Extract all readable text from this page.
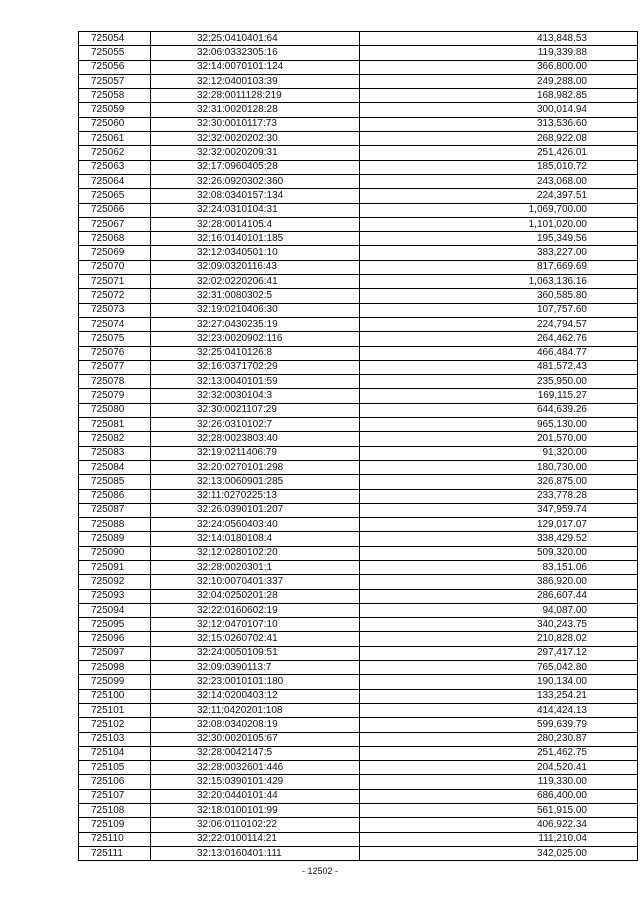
725054	32:25:0410401:64	413,848.53
725055	32:06:0332305:16	119,339.88
725056	32:14:0070101:124	366,800.00
725057	32:12:0400103:39	249,288.00
725058	32:28:0011128:219	168,982.85
725059	32:31:0020128:28	300,014.94
725060	32:30:0010117:73	313,536.60
725061	32:32:0020202:30	268,922.08
725062	32:32:0020209:31	251,426.01
725063	32:17:0960405:28	185,010.72
725064	32:26:0920302:360	243,068.00
725065	32:08:0340157:134	224,397.51
725066	32:24:0310104:31	1,069,700.00
725067	32:28:0014105:4	1,101,020.00
725068	32:16:0140101:185	195,349.56
725069	32:12:0340501:10	383,227.00
725070	32:09:0320116:43	817,669.69
725071	32:02:0220206:41	1,063,136.16
725072	32:31:0080302:5	360,585.80
725073	32:19:0210406:30	107,757.60
725074	32:27:0430235:19	224,794.57
725075	32:23:0020902:116	264,462.76
725076	32:25:0410126:8	466,484.77
725077	32:16:0371702:29	481,572.43
725078	32:13:0040101:59	235,950.00
725079	32:32:0030104:3	169,115.27
725080	32:30:0021107:29	644,639.26
725081	32:26:0310102:7	965,130.00
725082	32:28:0023803:40	201,570.00
725083	32:19:0211406:79	91,320.00
725084	32:20:0270101:298	180,730.00
725085	32:13:0060901:285	326,875.00
725086	32:11:0270225:13	233,778.28
725087	32:26:0390101:207	347,959.74
725088	32:24:0560403:40	129,017.07
725089	32:14:0180108:4	338,429.52
725090	32:12:0280102:20	509,320.00
725091	32:28:0020301:1	83,151.06
725092	32:10:0070401:337	386,920.00
725093	32:04:0250201:28	286,607.44
725094	32:22:0160602:19	94,087.00
725095	32:12:0470107:10	340,243.75
725096	32:15:0260702:41	210,828.02
725097	32:24:0050109:51	297,417.12
725098	32:09:0390113:7	765,042.80
725099	32:23:0010101:180	190,134.00
725100	32:14:0200403:12	133,254.21
725101	32:11:0420201:108	414,424.13
725102	32:08:0340208:19	599,639.79
725103	32:30:0020105:67	280,230.87
725104	32:28:0042147:5	251,462.75
725105	32:28:0032601:446	204,520.41
725106	32:15:0390101:429	119,330.00
725107	32:20:0440101:44	686,400.00
725108	32:18:0100101:99	561,915.00
725109	32:06:0110102:22	406,922.34
725110	32:22:0100114:21	111,210.04
725111	32:13:0160401:111	342,025.00
- 12502 -
